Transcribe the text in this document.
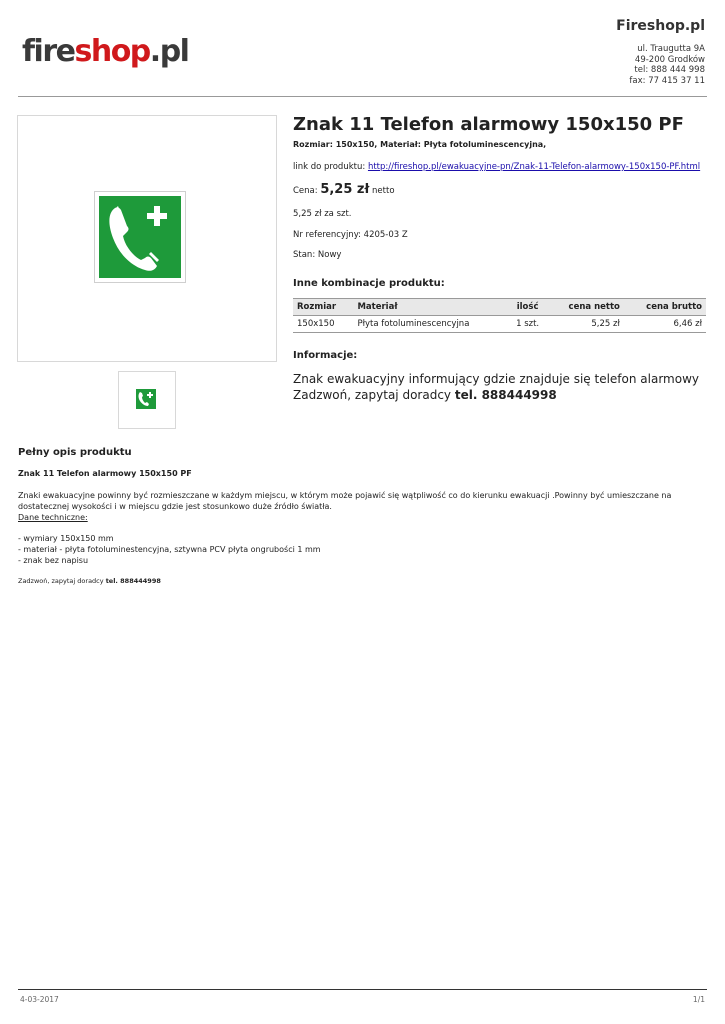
fireshop.pl
Fireshop.pl
ul. Traugutta 9A
49-200 Grodków
tel: 888 444 998
fax: 77 415 37 11
Znak 11 Telefon alarmowy 150x150 PF
Rozmiar: 150x150, Materiał: Płyta fotoluminescencyjna,
link do produktu: http://fireshop.pl/ewakuacyjne-pn/Znak-11-Telefon-alarmowy-150x150-PF.html
Cena: 5,25 zł netto
5,25 zł za szt.
Nr referencyjny: 4205-03 Z
Stan: Nowy
Inne kombinacje produktu:
Rozmiar	Materiał	ilość	cena netto	cena brutto
150x150	Płyta fotoluminescencyjna	1 szt.	5,25 zł	6,46 zł
Informacje:
Znak ewakuacyjny informujący gdzie znajduje się telefon alarmowy
Zadzwoń, zapytaj doradcy tel. 888444998
Pełny opis produktu
Znak 11 Telefon alarmowy 150x150 PF
Znaki ewakuacyjne powinny być rozmieszczane w każdym miejscu, w którym może pojawić się wątpliwość co do kierunku ewakuacji .Powinny być umieszczane na dostatecznej wysokości i w miejscu gdzie jest stosunkowo duże źródło światła.
Dane techniczne:
- wymiary 150x150 mm
- materiał - płyta fotoluminestencyjna, sztywna PCV płyta ongrubości 1 mm
- znak bez napisu
Zadzwoń, zapytaj doradcy tel. 888444998
4-03-2017	1/1
